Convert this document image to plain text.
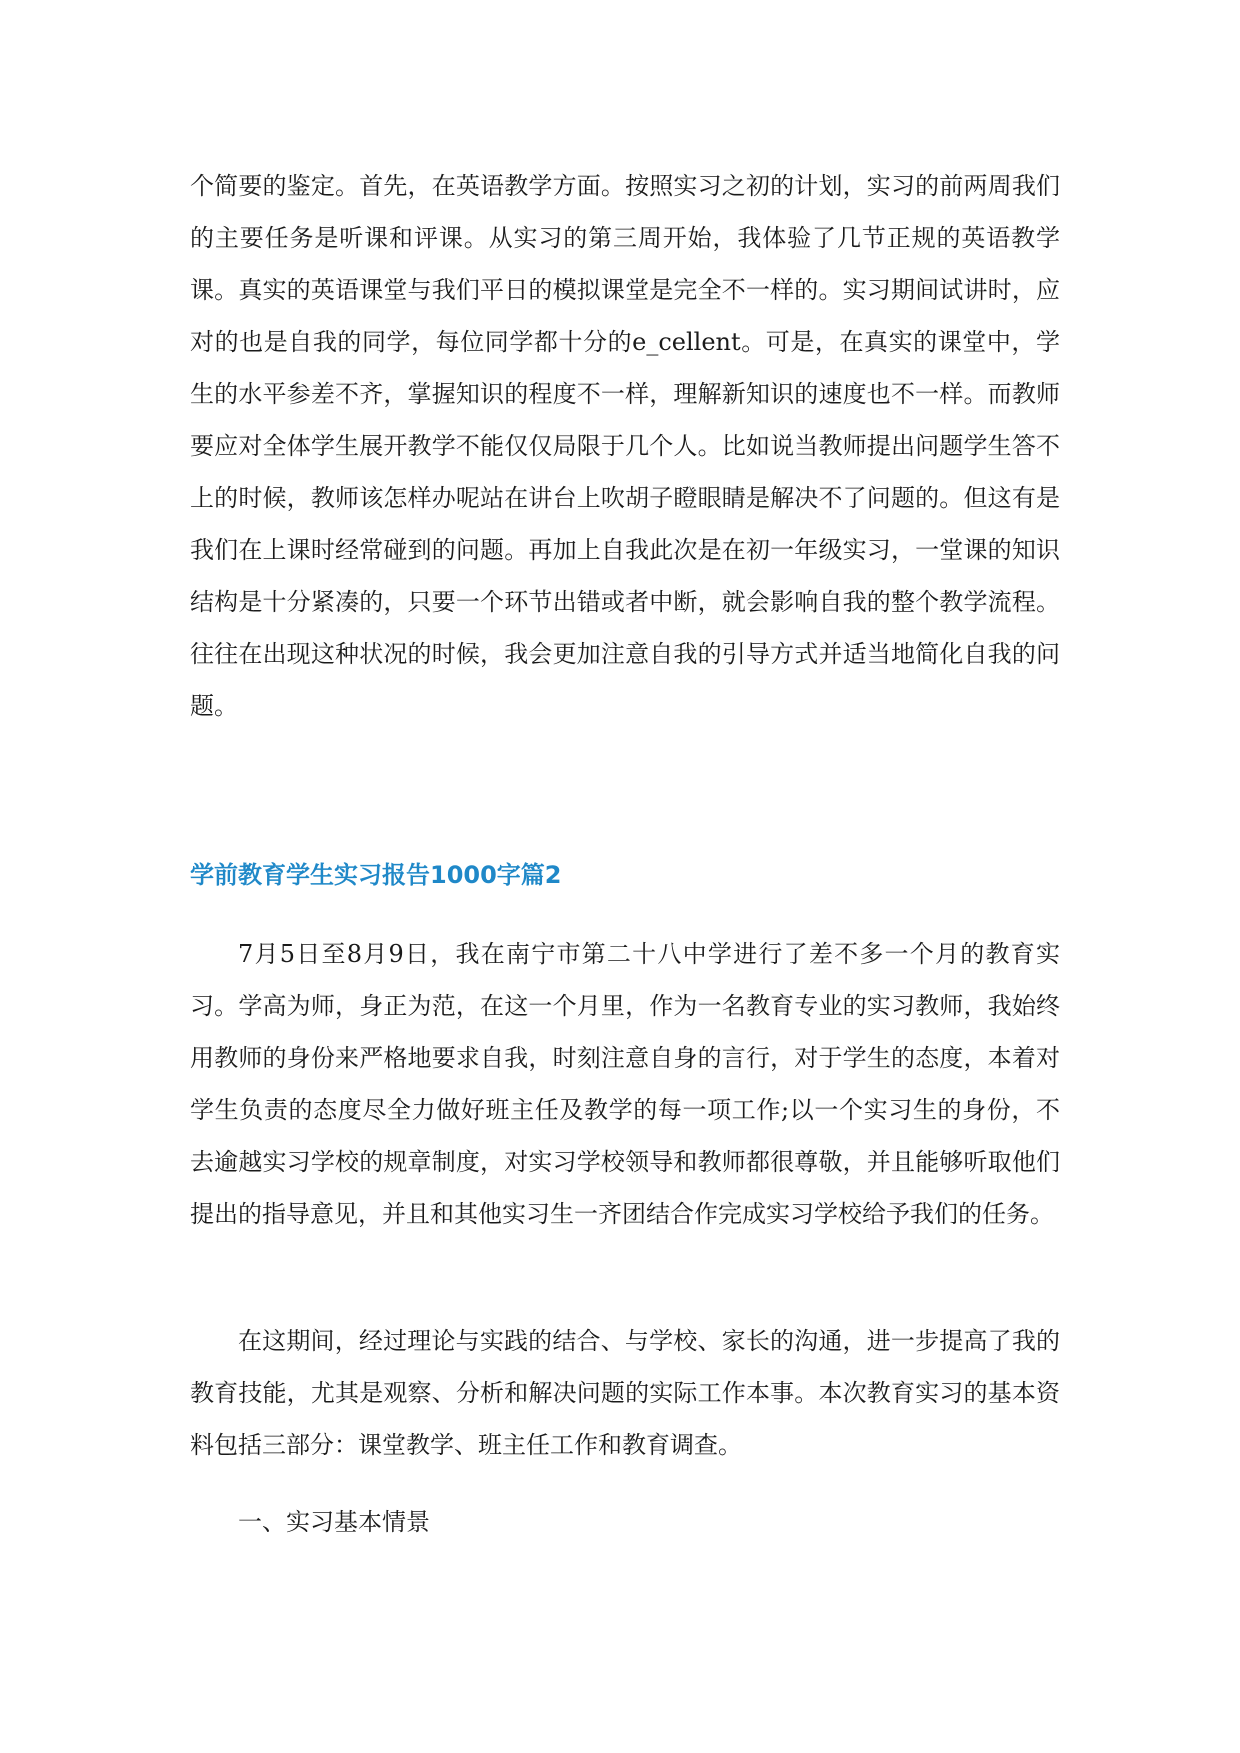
个简要的鉴定。首先，在英语教学方面。按照实习之初的计划，实习的前两周我们的主要任务是听课和评课。从实习的第三周开始，我体验了几节正规的英语教学课。真实的英语课堂与我们平日的模拟课堂是完全不一样的。实习期间试讲时，应对的也是自我的同学，每位同学都十分的e_cellent。可是，在真实的课堂中，学生的水平参差不齐，掌握知识的程度不一样，理解新知识的速度也不一样。而教师要应对全体学生展开教学不能仅仅局限于几个人。比如说当教师提出问题学生答不上的时候，教师该怎样办呢站在讲台上吹胡子瞪眼睛是解决不了问题的。但这有是我们在上课时经常碰到的问题。再加上自我此次是在初一年级实习，一堂课的知识结构是十分紧凑的，只要一个环节出错或者中断，就会影响自我的整个教学流程。往往在出现这种状况的时候，我会更加注意自我的引导方式并适当地简化自我的问题。

学前教育学生实习报告1000字篇2

7月5日至8月9日，我在南宁市第二十八中学进行了差不多一个月的教育实习。学高为师，身正为范，在这一个月里，作为一名教育专业的实习教师，我始终用教师的身份来严格地要求自我，时刻注意自身的言行，对于学生的态度，本着对学生负责的态度尽全力做好班主任及教学的每一项工作;以一个实习生的身份，不去逾越实习学校的规章制度，对实习学校领导和教师都很尊敬，并且能够听取他们提出的指导意见，并且和其他实习生一齐团结合作完成实习学校给予我们的任务。

在这期间，经过理论与实践的结合、与学校、家长的沟通，进一步提高了我的教育技能，尤其是观察、分析和解决问题的实际工作本事。本次教育实习的基本资料包括三部分：课堂教学、班主任工作和教育调查。

一、实习基本情景
